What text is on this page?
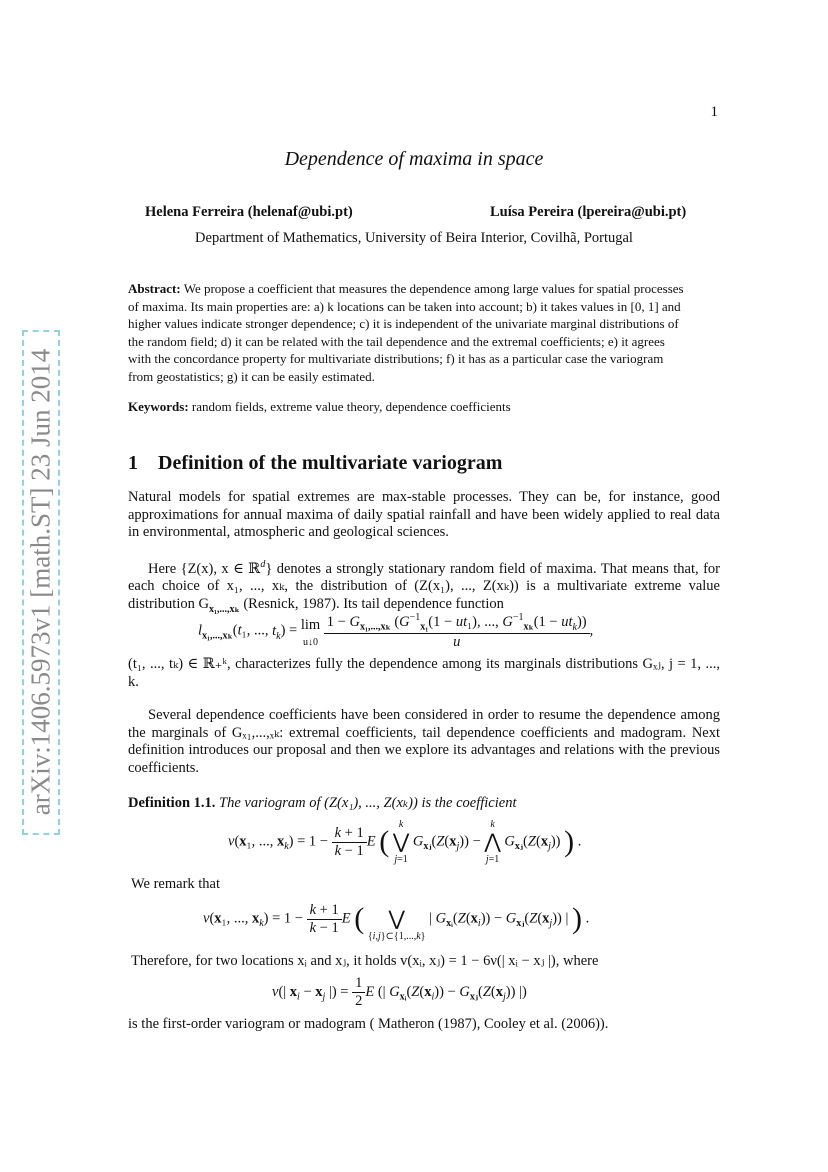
1
arXiv:1406.5973v1 [math.ST] 23 Jun 2014
Dependence of maxima in space
Helena Ferreira (helenaf@ubi.pt)	Luísa Pereira (lpereira@ubi.pt)
Department of Mathematics, University of Beira Interior, Covilhã, Portugal
Abstract: We propose a coefficient that measures the dependence among large values for spatial processes
of maxima. Its main properties are: a) k locations can be taken into account; b) it takes values in [0, 1] and
higher values indicate stronger dependence; c) it is independent of the univariate marginal distributions of
the random field; d) it can be related with the tail dependence and the extremal coefficients; e) it agrees
with the concordance property for multivariate distributions; f) it has as a particular case the variogram
from geostatistics; g) it can be easily estimated.
Keywords: random fields, extreme value theory, dependence coefficients
1 Definition of the multivariate variogram
Natural models for spatial extremes are max-stable processes. They can be, for instance, good approximations for annual maxima of daily spatial rainfall and have been widely applied to real data in environmental, atmospheric and geological sciences.
Here {Z(x), x ∈ ℝ$^d$} denotes a strongly stationary random field of maxima. That means that, for each choice of x₁, ..., xₖ, the distribution of (Z(x₁), ..., Z(xₖ)) is a multivariate extreme value distribution $G_{x_1,...,x_k}$ (Resnick, 1987). Its tail dependence function
$l_{x_1,...,x_k}(t_1$, ..., $t_k) = \lim$
u↓0
$\frac{1 - G_{x_1,...,x_k} (G^{-1}_{x_1}(1 - ut_1), ..., G^{-1}_{x_k}(1 - ut_k))}{u}$ ,
(t₁, ..., tₖ) ∈ ℝ₊ᵏ, characterizes fully the dependence among its marginals distributions Gₓⱼ, j = 1, ..., k.
Several dependence coefficients have been considered in order to resume the dependence among the marginals of Gₓ₁,...,ₓₖ: extremal coefficients, tail dependence coefficients and madogram. Next definition introduces our proposal and then we explore its advantages and relations with the previous coefficients.
Definition 1.1. The variogram of (Z(x₁), ..., Z(xₖ)) is the coefficient
v(x₁, ..., $x_k) = 1 - \frac{k + 1}{k - 1}$ E (
k
⋁
j=1
$G_{xⱼ}(Z(x_j))$ −
k
⋀
j=1
$G_{xⱼ}(Z(x_j))$ ) .
We remark that
v(x₁, ..., $x_k) = 1 - \frac{k + 1}{k - 1}$ E (
	⋁
{i,j}⊂{1,...,k}
| $G_{xᵢ}(Z(x_i)) - G_{xⱼ}(Z(x_j))$ | ) .
Therefore, for two locations xᵢ and xⱼ, it holds v(xᵢ, xⱼ) = 1 − 6ν(| xᵢ − xⱼ |), where
ν(| $x_i - x_j$ |) = $\frac{1}{2}$ E (| $G_{xᵢ}(Z(x_i)) - G_{xⱼ}(Z(x_j))$ |)
is the first-order variogram or madogram ( Matheron (1987), Cooley et al. (2006)).
